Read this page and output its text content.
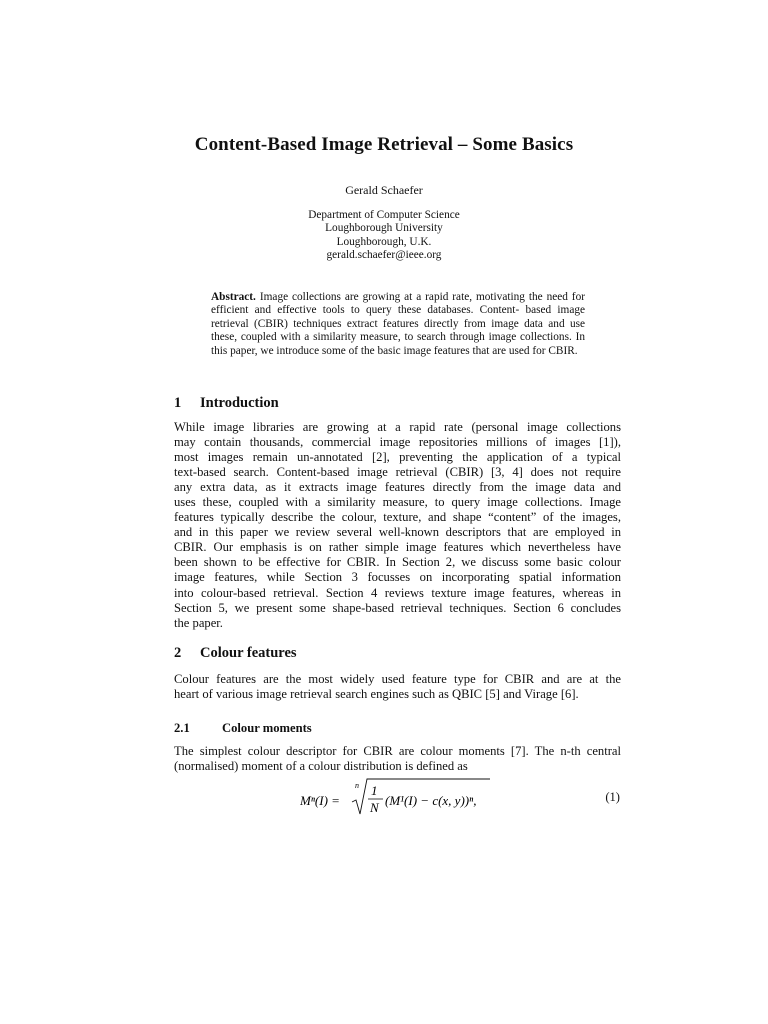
Content-Based Image Retrieval – Some Basics
Gerald Schaefer
Department of Computer Science
Loughborough University
Loughborough, U.K.
gerald.schaefer@ieee.org
Abstract. Image collections are growing at a rapid rate, motivating the need for efficient and effective tools to query these databases. Content- based image retrieval (CBIR) techniques extract features directly from image data and use these, coupled with a similarity measure, to search through image collections. In this paper, we introduce some of the basic image features that are used for CBIR.
1 Introduction
While image libraries are growing at a rapid rate (personal image collections
may contain thousands, commercial image repositories millions of images [1]),
most images remain un-annotated [2], preventing the application of a typical
text-based search. Content-based image retrieval (CBIR) [3, 4] does not require
any extra data, as it extracts image features directly from the image data and
uses these, coupled with a similarity measure, to query image collections. Image
features typically describe the colour, texture, and shape “content” of the images,
and in this paper we review several well-known descriptors that are employed in
CBIR. Our emphasis is on rather simple image features which nevertheless have
been shown to be effective for CBIR. In Section 2, we discuss some basic colour
image features, while Section 3 focusses on incorporating spatial information
into colour-based retrieval. Section 4 reviews texture image features, whereas in
Section 5, we present some shape-based retrieval techniques. Section 6 concludes
the paper.
2 Colour features
Colour features are the most widely used feature type for CBIR and are at the
heart of various image retrieval search engines such as QBIC [5] and Virage [6].
2.1	Colour moments
The simplest colour descriptor for CBIR are colour moments [7]. The n-th central
(normalised) moment of a colour distribution is defined as
Mⁿ(I) =
n 1
N (M¹(I) − c(x, y))ⁿ,	(1)
